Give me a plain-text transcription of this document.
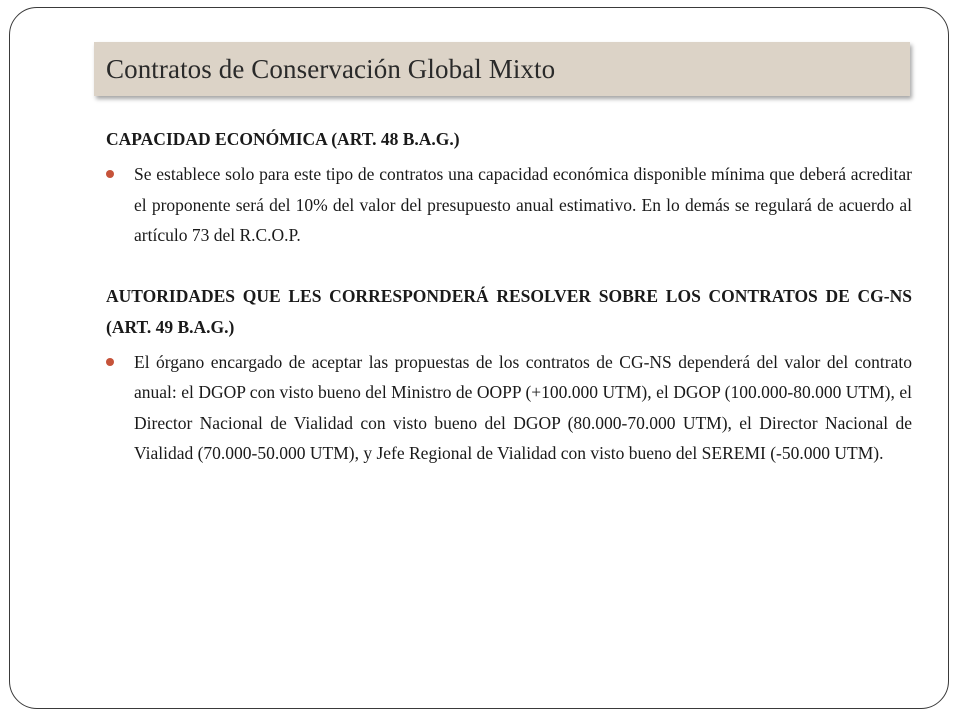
Contratos de Conservación Global Mixto

CAPACIDAD ECONÓMICA (ART. 48 B.A.G.)

Se establece solo para este tipo de contratos una capacidad económica disponible mínima que deberá acreditar el proponente será del 10% del valor del presupuesto anual estimativo. En lo demás se regulará de acuerdo al artículo 73 del R.C.O.P.

AUTORIDADES QUE LES CORRESPONDERÁ RESOLVER SOBRE LOS CONTRATOS DE CG-NS (ART. 49 B.A.G.)

El órgano encargado de aceptar las propuestas de los contratos de CG-NS dependerá del valor del contrato anual: el DGOP con visto bueno del Ministro de OOPP (+100.000 UTM), el DGOP (100.000-80.000 UTM), el Director Nacional de Vialidad con visto bueno del DGOP (80.000-70.000 UTM), el Director Nacional de Vialidad (70.000-50.000 UTM), y Jefe Regional de Vialidad con visto bueno del SEREMI (-50.000 UTM).
